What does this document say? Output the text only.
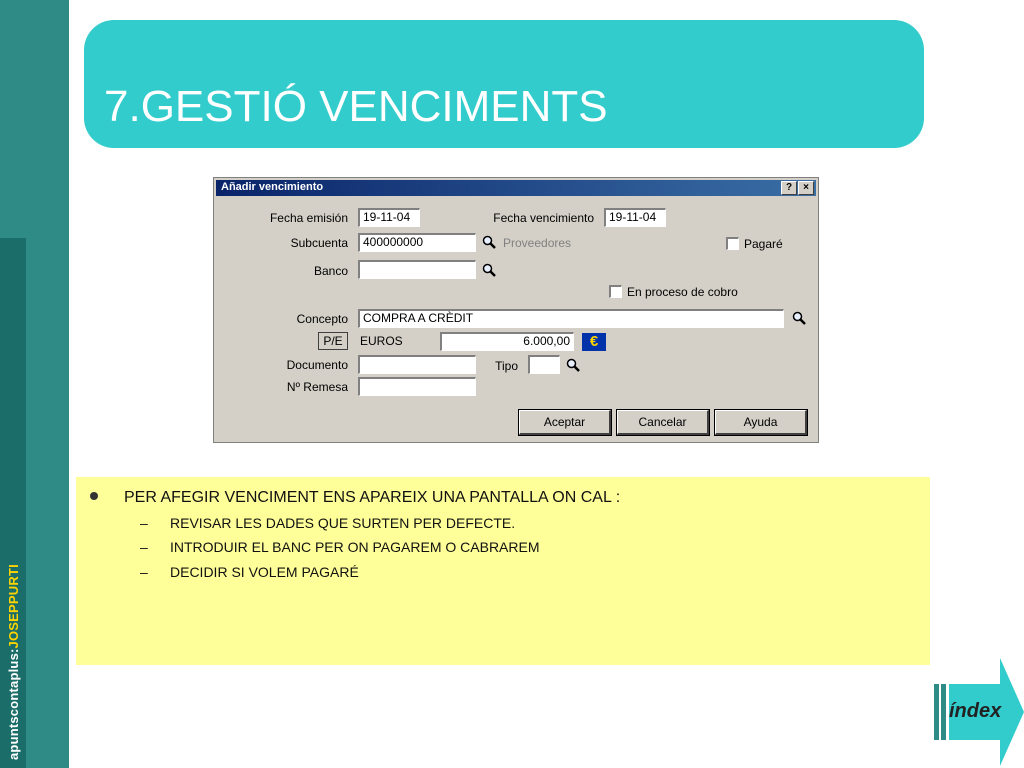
apuntscontaplus:JOSEPPURTI
7.GESTIÓ VENCIMENTS
Añadir vencimiento	?	×
Fecha emisión	19-11-04	Fecha vencimiento	19-11-04
Subcuenta	400000000	Proveedores	Pagaré
Banco
En proceso de cobro
Concepto	COMPRA A CRÈDIT
P/E	EUROS	6.000,00	€
Documento	Tipo
Nº Remesa
Aceptar	Cancelar	Ayuda
PER AFEGIR VENCIMENT ENS APAREIX UNA PANTALLA ON CAL :
– REVISAR LES DADES QUE SURTEN PER DEFECTE.
– INTRODUIR EL BANC PER ON PAGAREM O CABRAREM
– DECIDIR SI VOLEM PAGARÉ
índex
